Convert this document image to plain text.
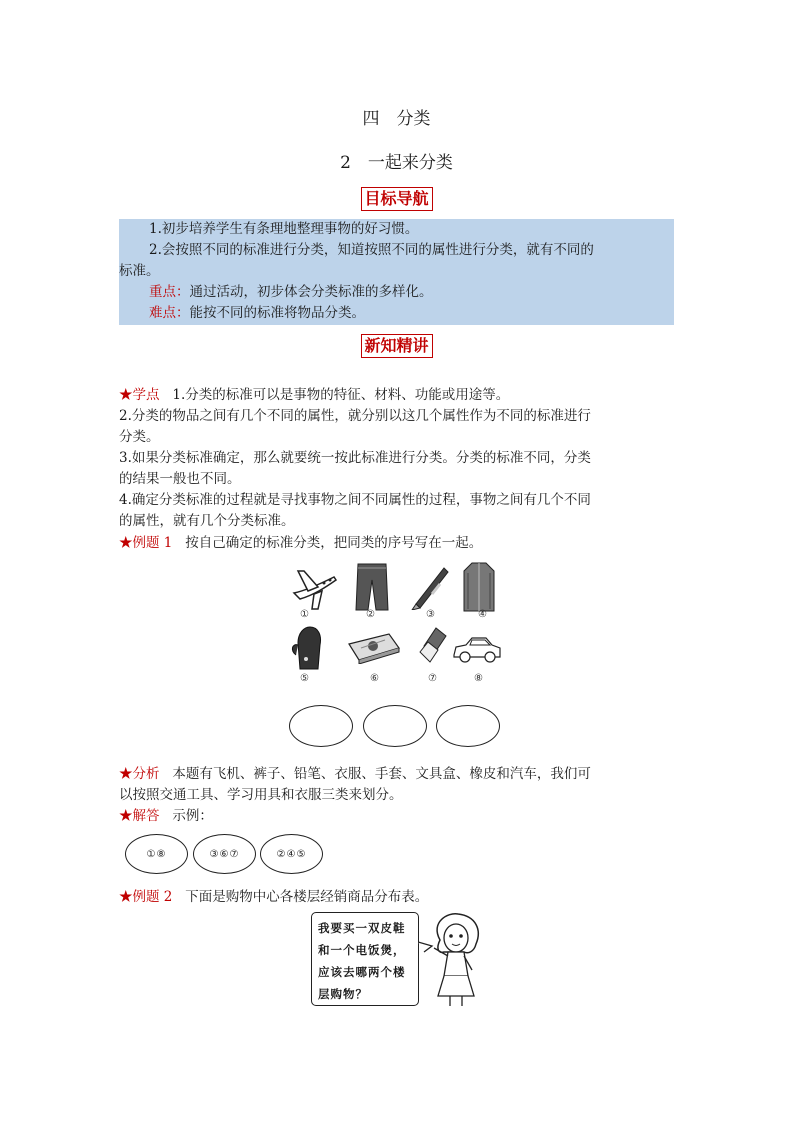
四　分类
2　一起来分类
目标导航

1.初步培养学生有条理地整理事物的好习惯。

2.会按照不同的标准进行分类，知道按照不同的属性进行分类，就有不同的

标准。

重点：通过活动，初步体会分类标准的多样化。

难点：能按不同的标准将物品分类。

新知精讲

★学点 1.分类的标准可以是事物的特征、材料、功能或用途等。

2.分类的物品之间有几个不同的属性，就分别以这几个属性作为不同的标准进行

分类。

3.如果分类标准确定，那么就要统一按此标准进行分类。分类的标准不同，分类

的结果一般也不同。

4.确定分类标准的过程就是寻找事物之间不同属性的过程，事物之间有几个不同

的属性，就有几个分类标准。

★例题 1 按自己确定的标准分类，把同类的序号写在一起。

①	②	③	④
⑤	⑥	⑦	⑧

★分析 本题有飞机、裤子、铅笔、衣服、手套、文具盒、橡皮和汽车，我们可

以按照交通工具、学习用具和衣服三类来划分。

★解答 示例：

①⑧	③⑥⑦	②④⑤

★例题 2 下面是购物中心各楼层经销商品分布表。

我要买一双皮鞋

和一个电饭煲，

应该去哪两个楼

层购物？
